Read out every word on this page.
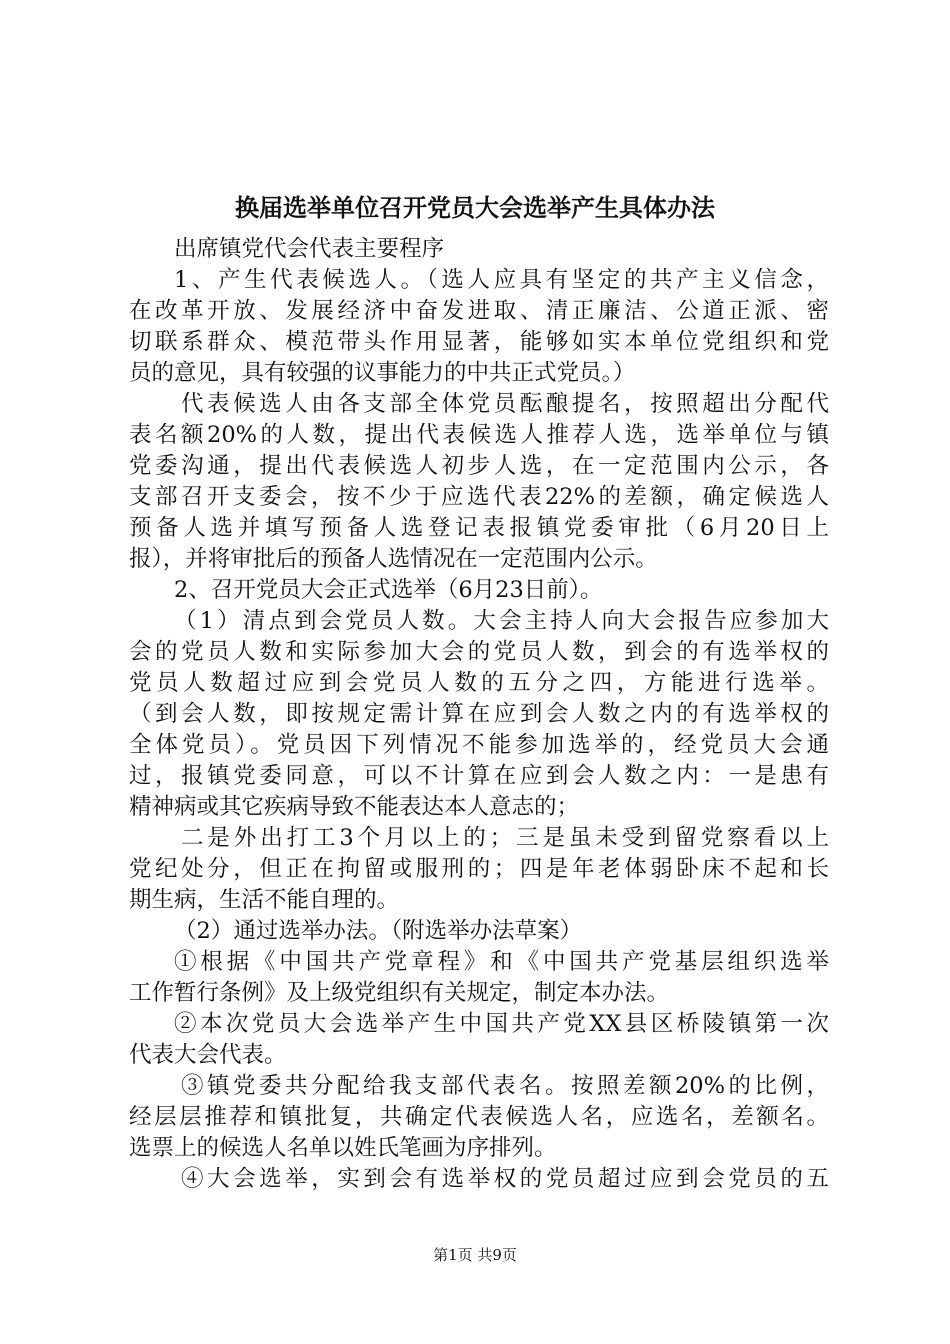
换届选举单位召开党员大会选举产生具体办法
出席镇党代会代表主要程序
1、产生代表候选人。（选人应具有坚定的共产主义信念，
在改革开放、发展经济中奋发进取、清正廉洁、公道正派、密
切联系群众、模范带头作用显著，能够如实本单位党组织和党
员的意见，具有较强的议事能力的中共正式党员。）
代表候选人由各支部全体党员酝酿提名，按照超出分配代
表名额20%的人数，提出代表候选人推荐人选，选举单位与镇
党委沟通，提出代表候选人初步人选，在一定范围内公示，各
支部召开支委会，按不少于应选代表22%的差额，确定候选人
预备人选并填写预备人选登记表报镇党委审批（6月20日上
报），并将审批后的预备人选情况在一定范围内公示。
2、召开党员大会正式选举（6月23日前）。
（1）清点到会党员人数。大会主持人向大会报告应参加大
会的党员人数和实际参加大会的党员人数，到会的有选举权的
党员人数超过应到会党员人数的五分之四，方能进行选举。
（到会人数，即按规定需计算在应到会人数之内的有选举权的
全体党员）。党员因下列情况不能参加选举的，经党员大会通
过，报镇党委同意，可以不计算在应到会人数之内：一是患有
精神病或其它疾病导致不能表达本人意志的；
二是外出打工3个月以上的；三是虽未受到留党察看以上
党纪处分，但正在拘留或服刑的；四是年老体弱卧床不起和长
期生病，生活不能自理的。
（2）通过选举办法。（附选举办法草案）
①根据《中国共产党章程》和《中国共产党基层组织选举
工作暂行条例》及上级党组织有关规定，制定本办法。
②本次党员大会选举产生中国共产党XX县区桥陵镇第一次
代表大会代表。
③镇党委共分配给我支部代表名。按照差额20%的比例，
经层层推荐和镇批复，共确定代表候选人名，应选名，差额名。
选票上的候选人名单以姓氏笔画为序排列。
④大会选举，实到会有选举权的党员超过应到会党员的五
第1页 共9页
